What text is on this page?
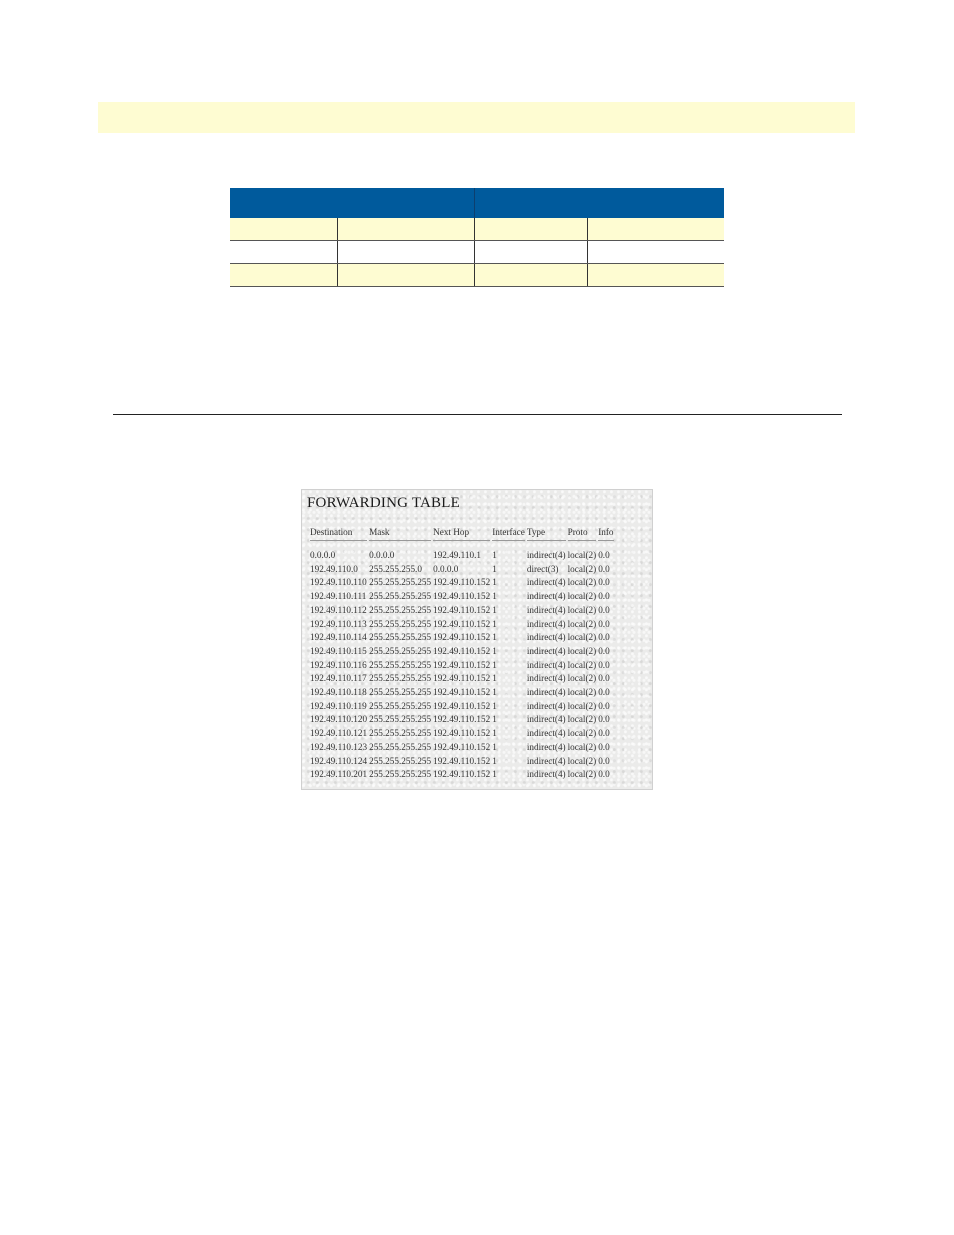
FORWARDING TABLE
Destination	Mask	Next Hop	Interface	Type	Proto	Info
0.0.0.0	0.0.0.0	192.49.110.1	1	indirect(4)	local(2)	0.0
192.49.110.0	255.255.255.0	0.0.0.0	1	direct(3)	local(2)	0.0
192.49.110.110	255.255.255.255	192.49.110.152	1	indirect(4)	local(2)	0.0
192.49.110.111	255.255.255.255	192.49.110.152	1	indirect(4)	local(2)	0.0
192.49.110.112	255.255.255.255	192.49.110.152	1	indirect(4)	local(2)	0.0
192.49.110.113	255.255.255.255	192.49.110.152	1	indirect(4)	local(2)	0.0
192.49.110.114	255.255.255.255	192.49.110.152	1	indirect(4)	local(2)	0.0
192.49.110.115	255.255.255.255	192.49.110.152	1	indirect(4)	local(2)	0.0
192.49.110.116	255.255.255.255	192.49.110.152	1	indirect(4)	local(2)	0.0
192.49.110.117	255.255.255.255	192.49.110.152	1	indirect(4)	local(2)	0.0
192.49.110.118	255.255.255.255	192.49.110.152	1	indirect(4)	local(2)	0.0
192.49.110.119	255.255.255.255	192.49.110.152	1	indirect(4)	local(2)	0.0
192.49.110.120	255.255.255.255	192.49.110.152	1	indirect(4)	local(2)	0.0
192.49.110.121	255.255.255.255	192.49.110.152	1	indirect(4)	local(2)	0.0
192.49.110.123	255.255.255.255	192.49.110.152	1	indirect(4)	local(2)	0.0
192.49.110.124	255.255.255.255	192.49.110.152	1	indirect(4)	local(2)	0.0
192.49.110.201	255.255.255.255	192.49.110.152	1	indirect(4)	local(2)	0.0
